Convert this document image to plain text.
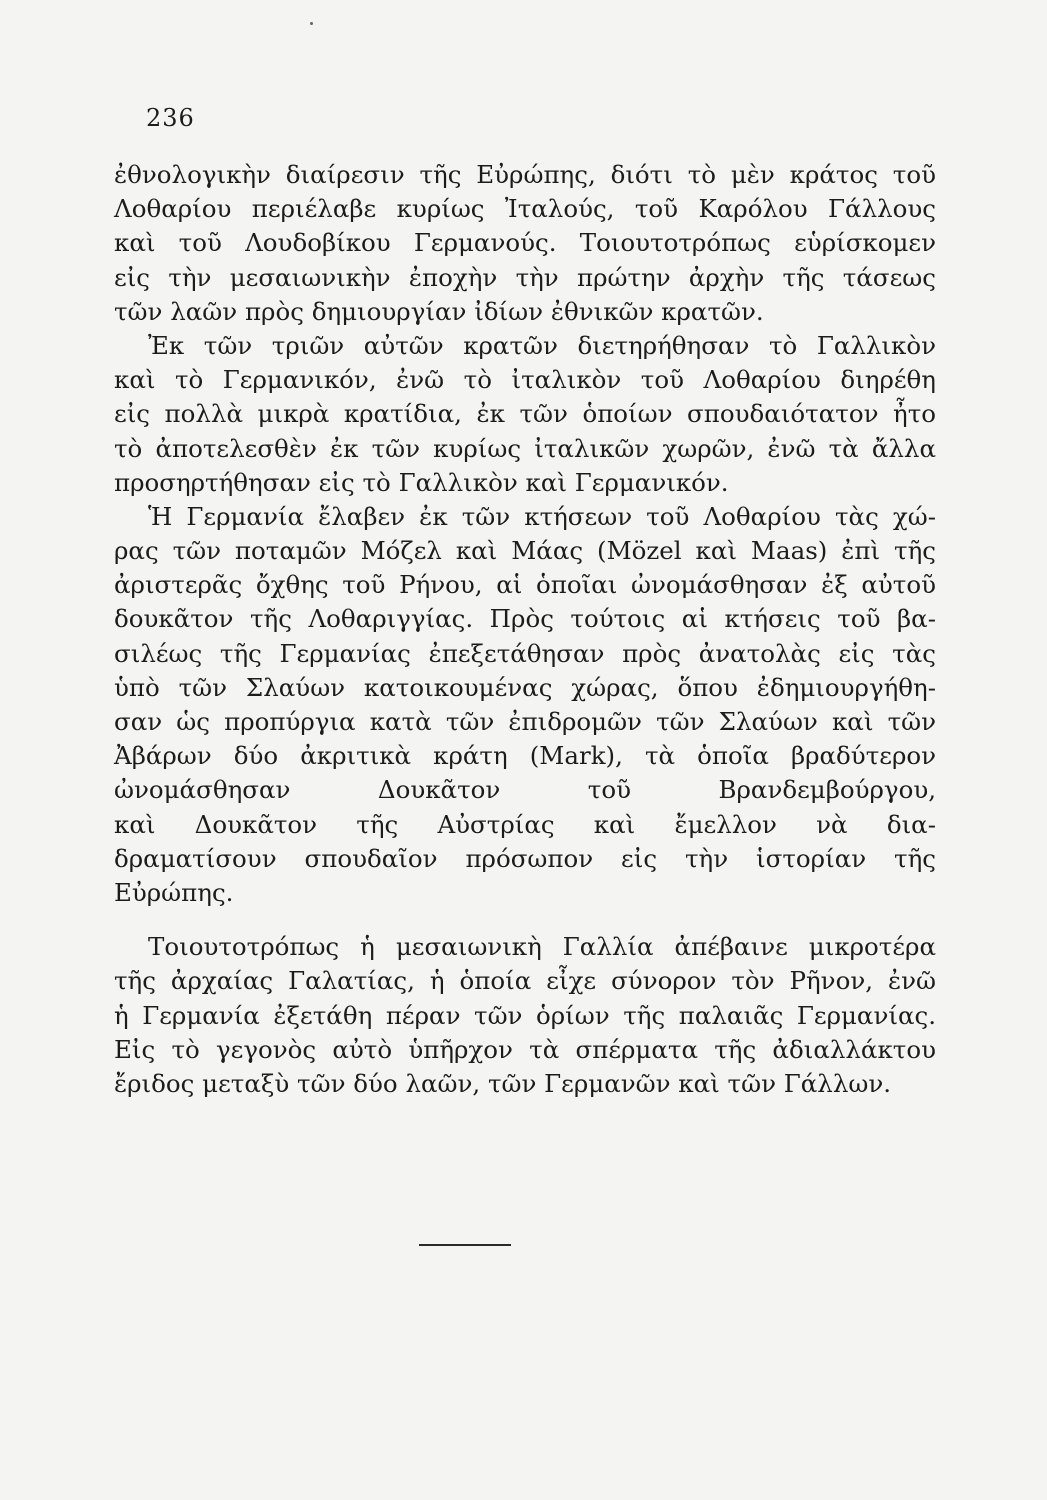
236
ἐθνολογικὴν διαίρεσιν τῆς Εὐρώπης, διότι τὸ μὲν κράτος τοῦ
Λοθαρίου περιέλαβε κυρίως Ἰταλούς, τοῦ Καρόλου Γάλλους
καὶ τοῦ Λουδοβίκου Γερμανούς. Τοιουτοτρόπως εὑρίσκομεν
εἰς τὴν μεσαιωνικὴν ἐποχὴν τὴν πρώτην ἀρχὴν τῆς τάσεως
τῶν λαῶν πρὸς δημιουργίαν ἰδίων ἐθνικῶν κρατῶν.
Ἐκ τῶν τριῶν αὐτῶν κρατῶν διετηρήθησαν τὸ Γαλλικὸν
καὶ τὸ Γερμανικόν, ἐνῶ τὸ ἰταλικὸν τοῦ Λοθαρίου διηρέθη
εἰς πολλὰ μικρὰ κρατίδια, ἐκ τῶν ὁποίων σπουδαιότατον ἦτο
τὸ ἀποτελεσθὲν ἐκ τῶν κυρίως ἰταλικῶν χωρῶν, ἐνῶ τὰ ἄλλα
προσηρτήθησαν εἰς τὸ Γαλλικὸν καὶ Γερμανικόν.
Ἡ Γερμανία ἔλαβεν ἐκ τῶν κτήσεων τοῦ Λοθαρίου τὰς χώ-
ρας τῶν ποταμῶν Μόζελ καὶ Μάας (Mözel καὶ Maas) ἐπὶ τῆς
ἀριστερᾶς ὄχθης τοῦ Ρήνου, αἱ ὁποῖαι ὠνομάσθησαν ἐξ αὐτοῦ
δουκᾶτον τῆς Λοθαριγγίας. Πρὸς τούτοις αἱ κτήσεις τοῦ βα-
σιλέως τῆς Γερμανίας ἐπεξετάθησαν πρὸς ἀνατολὰς εἰς τὰς
ὑπὸ τῶν Σλαύων κατοικουμένας χώρας, ὅπου ἐδημιουργήθη-
σαν ὡς προπύργια κατὰ τῶν ἐπιδρομῶν τῶν Σλαύων καὶ τῶν
Ἀβάρων δύο ἀκριτικὰ κράτη (Mark), τὰ ὁποῖα βραδύτερον
ὠνομάσθησαν Δουκᾶτον τοῦ Βρανδεμβούργου,
καὶ Δουκᾶτον τῆς Αὐστρίας καὶ ἔμελλον νὰ δια-
δραματίσουν σπουδαῖον πρόσωπον εἰς τὴν ἱστορίαν τῆς
Εὐρώπης.
Τοιουτοτρόπως ἡ μεσαιωνικὴ Γαλλία ἀπέβαινε μικροτέρα
τῆς ἀρχαίας Γαλατίας, ἡ ὁποία εἶχε σύνορον τὸν Ρῆνον, ἐνῶ
ἡ Γερμανία ἐξετάθη πέραν τῶν ὁρίων τῆς παλαιᾶς Γερμανίας.
Εἰς τὸ γεγονὸς αὐτὸ ὑπῆρχον τὰ σπέρματα τῆς ἀδιαλλάκτου
ἔριδος μεταξὺ τῶν δύο λαῶν, τῶν Γερμανῶν καὶ τῶν Γάλλων.
